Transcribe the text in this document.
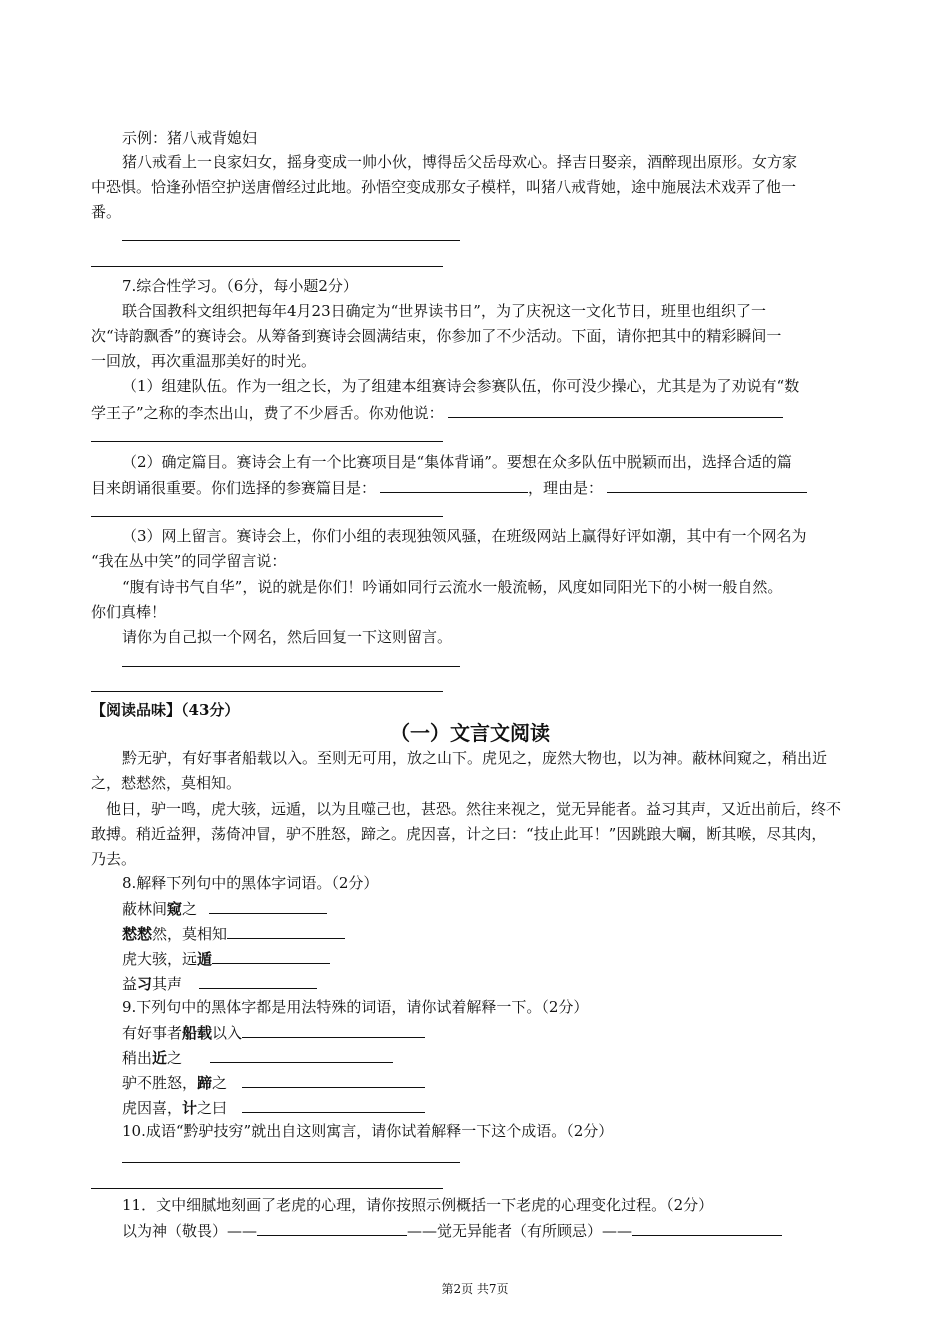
示例：猪八戒背媳妇
猪八戒看上一良家妇女，摇身变成一帅小伙，博得岳父岳母欢心。择吉日娶亲，酒醉现出原形。女方家
中恐惧。恰逢孙悟空护送唐僧经过此地。孙悟空变成那女子模样，叫猪八戒背她，途中施展法术戏弄了他一
番。
7.综合性学习。（6分，每小题2分）
联合国教科文组织把每年4月23日确定为“世界读书日”，为了庆祝这一文化节日，班里也组织了一
次“诗韵飘香”的赛诗会。从筹备到赛诗会圆满结束，你参加了不少活动。下面，请你把其中的精彩瞬间一
一回放，再次重温那美好的时光。
（1）组建队伍。作为一组之长，为了组建本组赛诗会参赛队伍，你可没少操心，尤其是为了劝说有“数
学王子”之称的李杰出山，费了不少唇舌。你劝他说：
（2）确定篇目。赛诗会上有一个比赛项目是“集体背诵”。要想在众多队伍中脱颖而出，选择合适的篇
目来朗诵很重要。你们选择的参赛篇目是：	，理由是：
（3）网上留言。赛诗会上，你们小组的表现独领风骚，在班级网站上赢得好评如潮，其中有一个网名为
“我在丛中笑”的同学留言说：
“腹有诗书气自华”，说的就是你们！吟诵如同行云流水一般流畅，风度如同阳光下的小树一般自然。
你们真棒！
请你为自己拟一个网名，然后回复一下这则留言。
【阅读品味】（43分）
（一）文言文阅读
黔无驴，有好事者船载以入。至则无可用，放之山下。虎见之，庞然大物也，以为神。蔽林间窥之，稍出近
之，慭慭然，莫相知。
他日，驴一鸣，虎大骇，远遁，以为且噬己也，甚恐。然往来视之，觉无异能者。益习其声，又近出前后，终不
敢搏。稍近益狎，荡倚冲冒，驴不胜怒，蹄之。虎因喜，计之曰：“技止此耳！”因跳踉大㘎，断其喉，尽其肉，
乃去。
8.解释下列句中的黑体字词语。（2分）
蔽林间窥之
慭慭然，莫相知
虎大骇，远遁
益习其声
9.下列句中的黑体字都是用法特殊的词语，请你试着解释一下。（2分）
有好事者船载以入
稍出近之
驴不胜怒，蹄之
虎因喜，计之曰
10.成语“黔驴技穷”就出自这则寓言，请你试着解释一下这个成语。（2分）
11．文中细腻地刻画了老虎的心理，请你按照示例概括一下老虎的心理变化过程。（2分）
以为神（敬畏）——	——觉无异能者（有所顾忌）——
第2页 共7页
